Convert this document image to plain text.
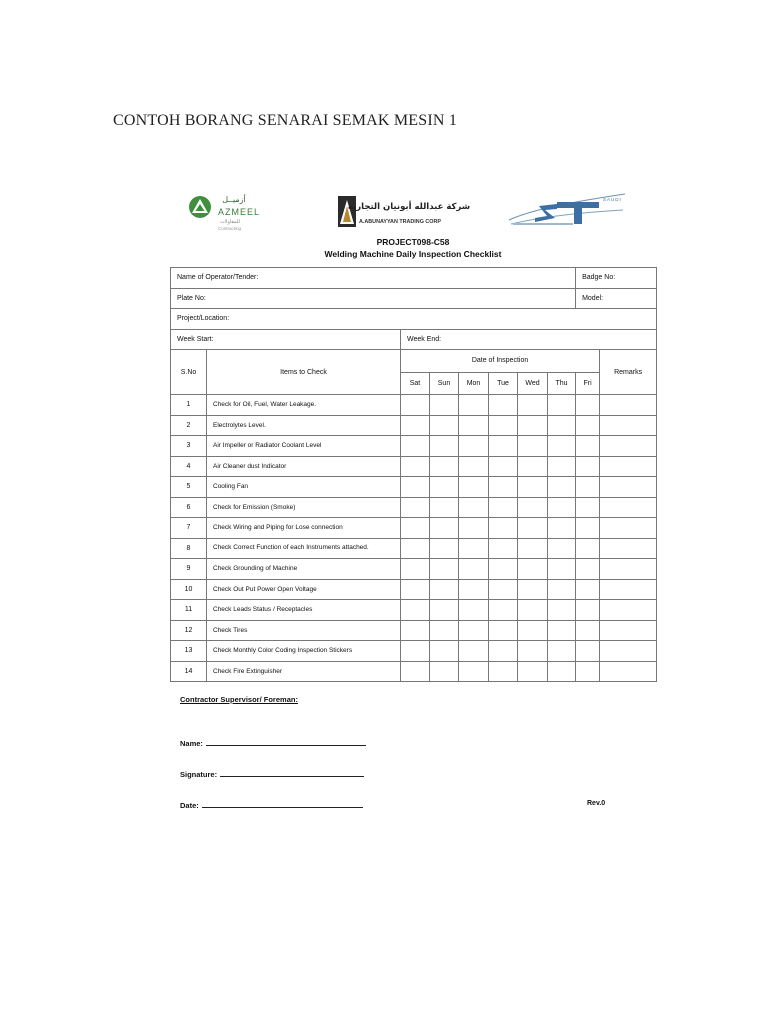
CONTOH BORANG SENARAI SEMAK MESIN 1
أزميــل
AZMEEL
للمقاولات
Contracting
شركة عبدالله أبونيان التجارية
A.ABUNAYYAN TRADING CORP
SAUDI

PROJECT098-C58

Welding Machine Daily Inspection Checklist

Name of Operator/Tender:								Badge No:	
Plate No:								Model:	
Project/Location:									
Week Start:		Week End:							
S.No	Items to Check	Date of Inspection							Remarks
		Sat	Sun	Mon	Tue	Wed	Thu	Fri	
1	Check for Oil, Fuel, Water Leakage.								
2	Electrolytes Level.								
3	Air Impeller or Radiator Coolant Level								
4	Air Cleaner dust Indicator								
5	Cooling Fan								
6	Check for Emission (Smoke)								
7	Check Wiring and Piping for Lose connection								
8	Check Correct Function of each Instruments attached.								
9	Check Grounding of Machine								
10	Check Out Put Power Open Voltage								
11	Check Leads Status / Receptacles								
12	Check Tires								
13	Check Monthly Color Coding Inspection Stickers								
14	Check Fire Extinguisher								
Contractor Supervisor/ Foreman:
Name:
Signature:
Date:	Rev.0
